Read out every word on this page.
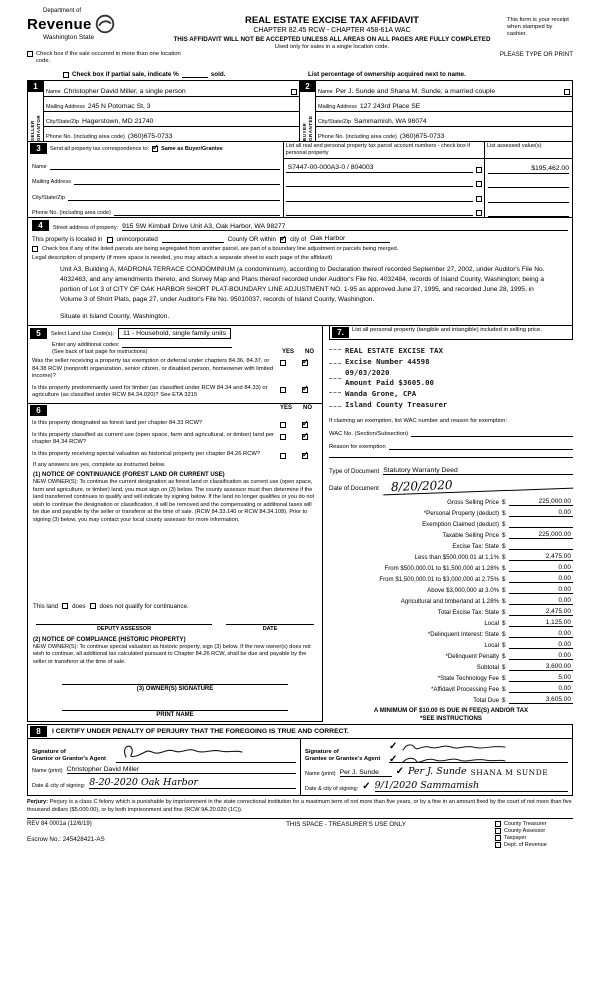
Department of
Revenue
Washington State
REAL ESTATE EXCISE TAX AFFIDAVIT
CHAPTER 82.45 RCW - CHAPTER 458-61A WAC
THIS AFFIDAVIT WILL NOT BE ACCEPTED UNLESS ALL AREAS ON ALL PAGES ARE FULLY COMPLETED
Used only for sales in a single location code.
This form is your receipt when stamped by cashier.
Check box if the sale occurred in more than one location code.
PLEASE TYPE OR PRINT
Check box if partial sale, indicate %	sold.	List percentage of ownership acquired next to name.
1
SELLER GRANTOR
Name Christopher David Miller, a single person
Mailing Address 245 N Potomac St, 3
City/State/Zip Hagerstown, MD 21740
Phone No. (including area code) (360)675-0733
2
BUYER GRANTEE
Name Per J. Sunde and Shana M. Sunde, a married couple
Mailing Address 127 243rd Place SE
City/State/Zip Sammamish, WA 98074
Phone No. (including area code) (360)675-0733
3	Send all property tax correspondence to: ✓ Same as Buyer/Grantee
Name
Mailing Address
City/State/Zip
Phone No. (including area code)
List all real and personal property tax parcel account numbers - check box if personal property
List assessed value(s)
S7447-00-000A3-0 / 804003	$195,462.00
4	Street address of property: 915 SW Kimball Drive Unit A3, Oak Harbor, WA 98277
This property is located in unincorporated	County OR within ✓ city of Oak Harbor
Check box if any of the listed parcels are being segregated from another parcel, are part of a boundary line adjustment or parcels being merged.
Legal description of property (if more space is needed, you may attach a separate sheet to each page of the affidavit)
Unit A3, Building A, MADRONA TERRACE CONDOMINIUM (a condominium), according to Declaration thereof recorded September 27, 2002, under Auditor's File No. 4032463, and any amendments thereto, and Survey Map and Plans thereof recorded under Auditor's File No. 4032484, records of Island County, Washington; being a portion of Lot 3 of CITY OF OAK HARBOR SHORT PLAT-BOUNDARY LINE ADJUSTMENT NO. 1-95 as approved June 27, 1995, and recorded June 28, 1995, in Volume 3 of Short Plats, page 27, under Auditor's File No. 95010037, records of Island County, Washington.
Situate in Island County, Washington.
5	Select Land Use Code(s):	11 - Household, single family units
Enter any additional codes:
(See back of last page for instructions)	YES NO
Was the seller receiving a property tax exemption or deferral under chapters 84.36, 84.37, or 84.38 RCW (nonprofit organization, senior citizen, or disabled person, homeowner with limited income)?
✓
Is this property predominantly used for timber (as classified under RCW 84.34 and 84.33) or agriculture (as classified under RCW 84.34.020)? See ETA 3215
✓
6	YES NO
Is this property designated as forest land per chapter 84.33 RCW?
✓
Is this property classified as current use (open space, farm and agricultural, or timber) land per chapter 84.34 RCW?
✓
Is this property receiving special valuation as historical property per chapter 84.26 RCW?
✓
If any answers are yes, complete as instructed below.
(1) NOTICE OF CONTINUANCE (FOREST LAND OR CURRENT USE)
NEW OWNER(S): To continue the current designation as forest land or classification as current use (open space, farm and agriculture, or timber) land, you must sign on (3) below. The county assessor must then determine if the land transferred continues to qualify and will indicate by signing below. If the land no longer qualifies or you do not wish to continue the designation or classification, it will be removed and the compensating or additional taxes will be due and payable by the seller or transferor at the time of sale. (RCW 84.33.140 or RCW 84.34.108). Prior to signing (3) below, you may contact your local county assessor for more information.
This land does does not qualify for continuance.
DEPUTY ASSESSOR	DATE
(2) NOTICE OF COMPLIANCE (HISTORIC PROPERTY)
NEW OWNER(S): To continue special valuation as historic property, sign (3) below. If the new owner(s) does not wish to continue, all additional tax calculated pursuant to Chapter 84.26 RCW, shall be due and payable by the seller or transferor at the time of sale.
(3) OWNER(S) SIGNATURE
PRINT NAME
7.	List all personal property (tangible and intangible) included in selling price.
REAL ESTATE EXCISE TAX
Excise Number 44598
09/03/2020
Amount Paid $3605.00
Wanda Grone, CPA
Island County Treasurer
If claiming an exemption, list WAC number and reason for exemption:
WAC No. (Section/Subsection)
Reason for exemption
Type of Document Statutory Warranty Deed
Date of Document 8/20/2020
Gross Selling Price $	225,000.00
*Personal Property (deduct) $	0.00
Exemption Claimed (deduct) $
Taxable Selling Price $	225,000.00
Excise Tax: State $
Less than $500,000.01 at 1.1% $	2,475.00
From $500,000.01 to $1,500,000 at 1.28% $	0.00
From $1,500,000.01 to $3,000,000 at 2.75% $	0.00
Above $3,000,000 at 3.0% $	0.00
Agricultural and timberland at 1.28% $	0.00
Total Excise Tax: State $	2,475.00
Local $	1,125.00
*Delinquent Interest: State $	0.00
Local $	0.00
*Delinquent Penalty $	0.00
Subtotal $	3,600.00
*State Technology Fee $	5.00
*Affidavit Processing Fee $	0.00
Total Due $	3,605.00
A MINIMUM OF $10.00 IS DUE IN FEE(S) AND/OR TAX
*SEE INSTRUCTIONS
8	I CERTIFY UNDER PENALTY OF PERJURY THAT THE FOREGOING IS TRUE AND CORRECT.
Signature of
Grantor or Grantor's Agent
Name (print) Christopher David Miller
Date & city of signing: 8-20-2020 Oak Harbor
Signature of
Grantee or Grantee's Agent
✓
✓
Name (print) Per J. Sunde ✓	Per J. Sunde SHANA M SUNDE
Date & city of signing: ✓ 9/1/2020 Sammamish
Perjury: Perjury is a class C felony which is punishable by imprisonment in the state correctional institution for a maximum term of not more than five years, or by a fine in an amount fixed by the court of not more than five thousand dollars ($5,000.00), or by both imprisonment and fine (RCW 9A.20.020 (1C)).
REV 84 0001a (12/6/19)
Escrow No.: 245428421-AS
THIS SPACE - TREASURER'S USE ONLY	County Treasurer
County Assessor
Taxpayer
Dept. of Revenue
